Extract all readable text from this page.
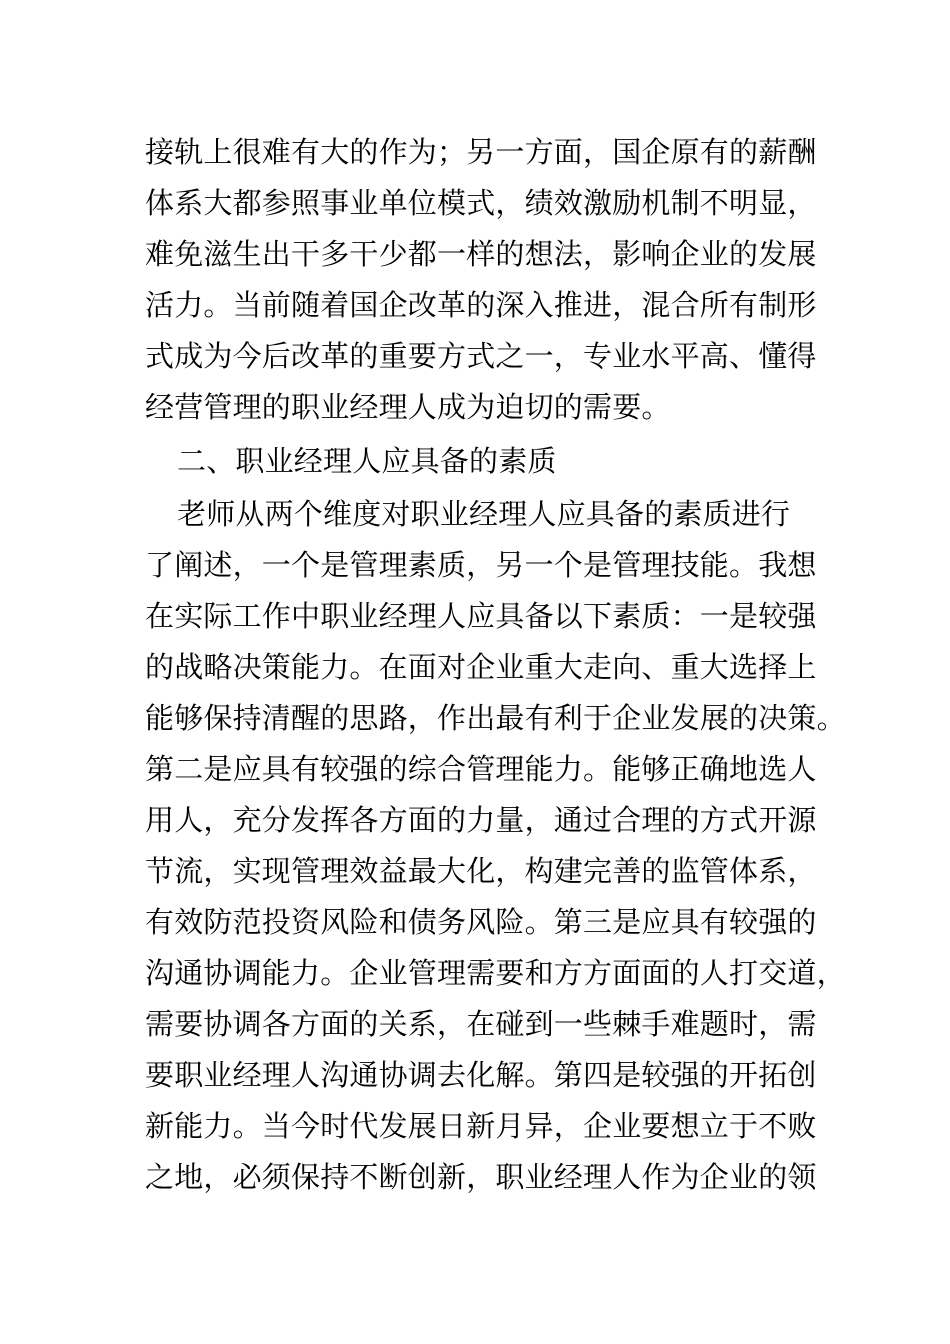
接轨上很难有大的作为；另一方面，国企原有的薪酬
体系大都参照事业单位模式，绩效激励机制不明显，
难免滋生出干多干少都一样的想法，影响企业的发展
活力。当前随着国企改革的深入推进，混合所有制形
式成为今后改革的重要方式之一，专业水平高、懂得
经营管理的职业经理人成为迫切的需要。
二、职业经理人应具备的素质
老师从两个维度对职业经理人应具备的素质进行
了阐述，一个是管理素质，另一个是管理技能。我想
在实际工作中职业经理人应具备以下素质：一是较强
的战略决策能力。在面对企业重大走向、重大选择上
能够保持清醒的思路，作出最有利于企业发展的决策。
第二是应具有较强的综合管理能力。能够正确地选人
用人，充分发挥各方面的力量，通过合理的方式开源
节流，实现管理效益最大化，构建完善的监管体系，
有效防范投资风险和债务风险。第三是应具有较强的
沟通协调能力。企业管理需要和方方面面的人打交道，
需要协调各方面的关系，在碰到一些棘手难题时，需
要职业经理人沟通协调去化解。第四是较强的开拓创
新能力。当今时代发展日新月异，企业要想立于不败
之地，必须保持不断创新，职业经理人作为企业的领
